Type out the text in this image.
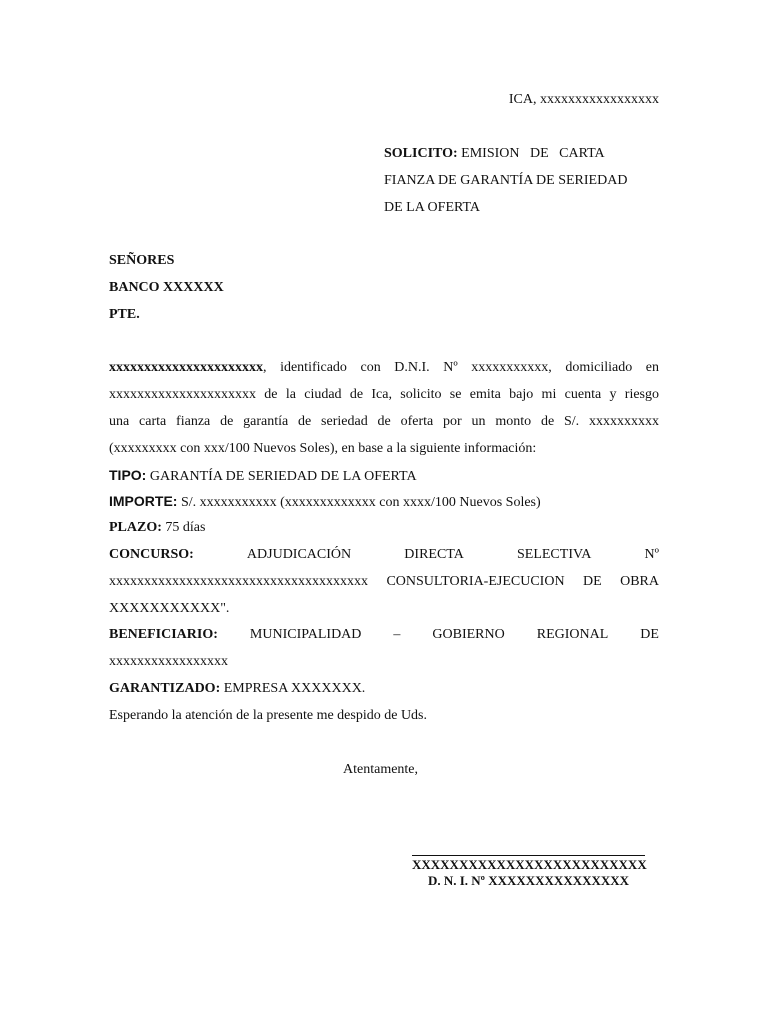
ICA, xxxxxxxxxxxxxxxxx
SOLICITO: EMISION   DE   CARTA
FIANZA DE GARANTÍA DE SERIEDAD
DE LA OFERTA
SEÑORES
BANCO XXXXXX
PTE.
xxxxxxxxxxxxxxxxxxxxxx, identificado con D.N.I. Nº xxxxxxxxxxx, domiciliado en
xxxxxxxxxxxxxxxxxxxxx de la ciudad de Ica, solicito se emita bajo mi cuenta y riesgo
una carta fianza de garantía de seriedad de oferta por un monto de S/. xxxxxxxxxx
(xxxxxxxxx con xxx/100 Nuevos Soles), en base a la siguiente información:
TIPO: GARANTÍA DE SERIEDAD DE LA OFERTA
IMPORTE: S/. xxxxxxxxxxx (xxxxxxxxxxxxx con xxxx/100 Nuevos Soles)
PLAZO: 75 días
CONCURSO:	ADJUDICACIÓN	DIRECTA	SELECTIVA	Nº
xxxxxxxxxxxxxxxxxxxxxxxxxxxxxxxxxxxxx CONSULTORIA-EJECUCION DE OBRA
XXXXXXXXXXX".
BENEFICIARIO: MUNICIPALIDAD – GOBIERNO REGIONAL DE
xxxxxxxxxxxxxxxxx
GARANTIZADO: EMPRESA XXXXXXX.
Esperando la atención de la presente me despido de Uds.
Atentamente,
XXXXXXXXXXXXXXXXXXXXXXXXX
D. N. I. Nº XXXXXXXXXXXXXXX
